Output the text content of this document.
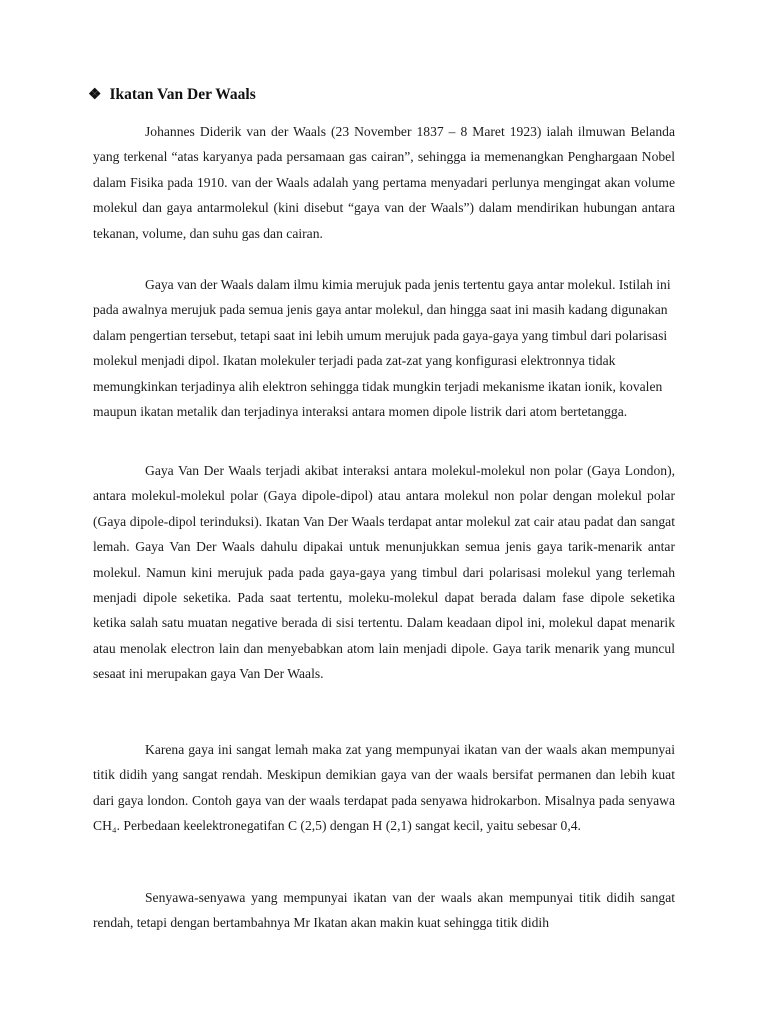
❖ Ikatan Van Der Waals

Johannes Diderik van der Waals (23 November 1837 – 8 Maret 1923) ialah ilmuwan Belanda yang terkenal “atas karyanya pada persamaan gas cairan”, sehingga ia memenangkan Penghargaan Nobel dalam Fisika pada 1910. van der Waals adalah yang pertama menyadari perlunya mengingat akan volume molekul dan gaya antarmolekul (kini disebut “gaya van der Waals”) dalam mendirikan hubungan antara tekanan, volume, dan suhu gas dan cairan.

Gaya van der Waals dalam ilmu kimia merujuk pada jenis tertentu gaya antar molekul. Istilah ini pada awalnya merujuk pada semua jenis gaya antar molekul, dan hingga saat ini masih kadang digunakan dalam pengertian tersebut, tetapi saat ini lebih umum merujuk pada gaya-gaya yang timbul dari polarisasi molekul menjadi dipol. Ikatan molekuler terjadi pada zat-zat yang konfigurasi elektronnya tidak memungkinkan terjadinya alih elektron sehingga tidak mungkin terjadi mekanisme ikatan ionik, kovalen maupun ikatan metalik dan terjadinya interaksi antara momen dipole listrik dari atom bertetangga.

Gaya Van Der Waals terjadi akibat interaksi antara molekul-molekul non polar (Gaya London), antara molekul-molekul polar (Gaya dipole-dipol) atau antara molekul non polar dengan molekul polar (Gaya dipole-dipol terinduksi). Ikatan Van Der Waals terdapat antar molekul zat cair atau padat dan sangat lemah. Gaya Van Der Waals dahulu dipakai untuk menunjukkan semua jenis gaya tarik-menarik antar molekul. Namun kini merujuk pada pada gaya-gaya yang timbul dari polarisasi molekul yang terlemah menjadi dipole seketika. Pada saat tertentu, moleku-molekul dapat berada dalam fase dipole seketika ketika salah satu muatan negative berada di sisi tertentu. Dalam keadaan dipol ini, molekul dapat menarik atau menolak electron lain dan menyebabkan atom lain menjadi dipole. Gaya tarik menarik yang muncul sesaat ini merupakan gaya Van Der Waals.

Karena gaya ini sangat lemah maka zat yang mempunyai ikatan van der waals akan mempunyai titik didih yang sangat rendah. Meskipun demikian gaya van der waals bersifat permanen dan lebih kuat dari gaya london. Contoh gaya van der waals terdapat pada senyawa hidrokarbon. Misalnya pada senyawa CH₄. Perbedaan keelektronegatifan C (2,5) dengan H (2,1) sangat kecil, yaitu sebesar 0,4.

Senyawa-senyawa yang mempunyai ikatan van der waals akan mempunyai titik didih sangat rendah, tetapi dengan bertambahnya Mr Ikatan akan makin kuat sehingga titik didih
